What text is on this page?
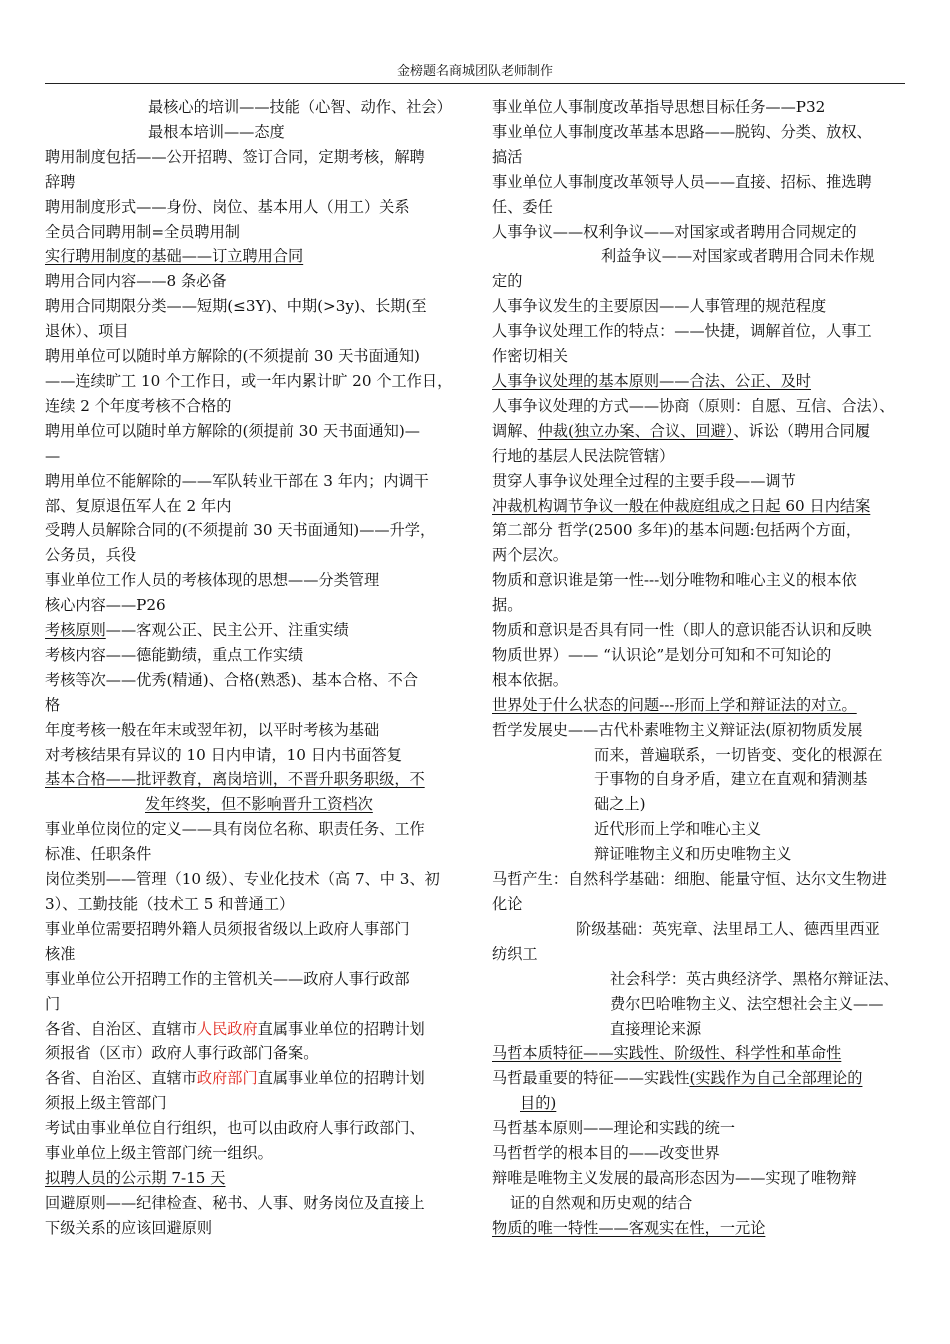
金榜题名商城团队老师制作
最核心的培训——技能（心智、动作、社会）
最根本培训——态度
聘用制度包括——公开招聘、签订合同，定期考核，解聘
辞聘
聘用制度形式——身份、岗位、基本用人（用工）关系
全员合同聘用制=全员聘用制
实行聘用制度的基础——订立聘用合同
聘用合同内容——8 条必备
聘用合同期限分类——短期(≤3Y)、中期(>3y)、长期(至
退休）、项目
聘用单位可以随时单方解除的(不须提前 30 天书面通知)
——连续旷工 10 个工作日，或一年内累计旷 20 个工作日，
连续 2 个年度考核不合格的
聘用单位可以随时单方解除的(须提前 30 天书面通知)—
—
聘用单位不能解除的——军队转业干部在 3 年内；内调干
部、复原退伍军人在 2 年内
受聘人员解除合同的(不须提前 30 天书面通知)——升学，
公务员，兵役
事业单位工作人员的考核体现的思想——分类管理
核心内容——P26
考核原则——客观公正、民主公开、注重实绩
考核内容——德能勤绩，重点工作实绩
考核等次——优秀(精通)、合格(熟悉)、基本合格、不合
格
年度考核一般在年末或翌年初，以平时考核为基础
对考核结果有异议的 10 日内申请，10 日内书面答复
基本合格——批评教育，离岗培训，不晋升职务职级，不
发年终奖，但不影响晋升工资档次
事业单位岗位的定义——具有岗位名称、职责任务、工作
标准、任职条件
岗位类别——管理（10 级）、专业化技术（高 7、中 3、初
3）、工勤技能（技术工 5 和普通工）
事业单位需要招聘外籍人员须报省级以上政府人事部门
核准
事业单位公开招聘工作的主管机关——政府人事行政部
门
各省、自治区、直辖市人民政府直属事业单位的招聘计划
须报省（区市）政府人事行政部门备案。
各省、自治区、直辖市政府部门直属事业单位的招聘计划
须报上级主管部门
考试由事业单位自行组织，也可以由政府人事行政部门、
事业单位上级主管部门统一组织。
拟聘人员的公示期 7-15 天
回避原则——纪律检查、秘书、人事、财务岗位及直接上
下级关系的应该回避原则
事业单位人事制度改革指导思想目标任务——P32
事业单位人事制度改革基本思路——脱钩、分类、放权、
搞活
事业单位人事制度改革领导人员——直接、招标、推选聘
任、委任
人事争议——权利争议——对国家或者聘用合同规定的
利益争议——对国家或者聘用合同未作规
定的
人事争议发生的主要原因——人事管理的规范程度
人事争议处理工作的特点：——快捷，调解首位，人事工
作密切相关
人事争议处理的基本原则——合法、公正、及时
人事争议处理的方式——协商（原则：自愿、互信、合法）、
调解、仲裁(独立办案、合议、回避）、诉讼（聘用合同履
行地的基层人民法院管辖）
贯穿人事争议处理全过程的主要手段——调节
冲裁机构调节争议一般在仲裁庭组成之日起 60 日内结案
第二部分 哲学(2500 多年)的基本问题:包括两个方面，
两个层次。
物质和意识谁是第一性---划分唯物和唯心主义的根本依
据。
物质和意识是否具有同一性（即人的意识能否认识和反映
物质世界）—— “认识论”是划分可知和不可知论的
根本依据。
世界处于什么状态的问题---形而上学和辩证法的对立。
哲学发展史——古代朴素唯物主义辩证法(原初物质发展
而来，普遍联系，一切皆变、变化的根源在
于事物的自身矛盾，建立在直观和猜测基
础之上)
近代形而上学和唯心主义
辩证唯物主义和历史唯物主义
马哲产生：自然科学基础：细胞、能量守恒、达尔文生物进
化论
阶级基础：英宪章、法里昂工人、德西里西亚
纺织工
社会科学：英古典经济学、黑格尔辩证法、
费尔巴哈唯物主义、法空想社会主义——
直接理论来源
马哲本质特征——实践性、阶级性、科学性和革命性
马哲最重要的特征——实践性(实践作为自己全部理论的
目的)
马哲基本原则——理论和实践的统一
马哲哲学的根本目的——改变世界
辩唯是唯物主义发展的最高形态因为——实现了唯物辩
证的自然观和历史观的结合
物质的唯一特性——客观实在性，一元论
